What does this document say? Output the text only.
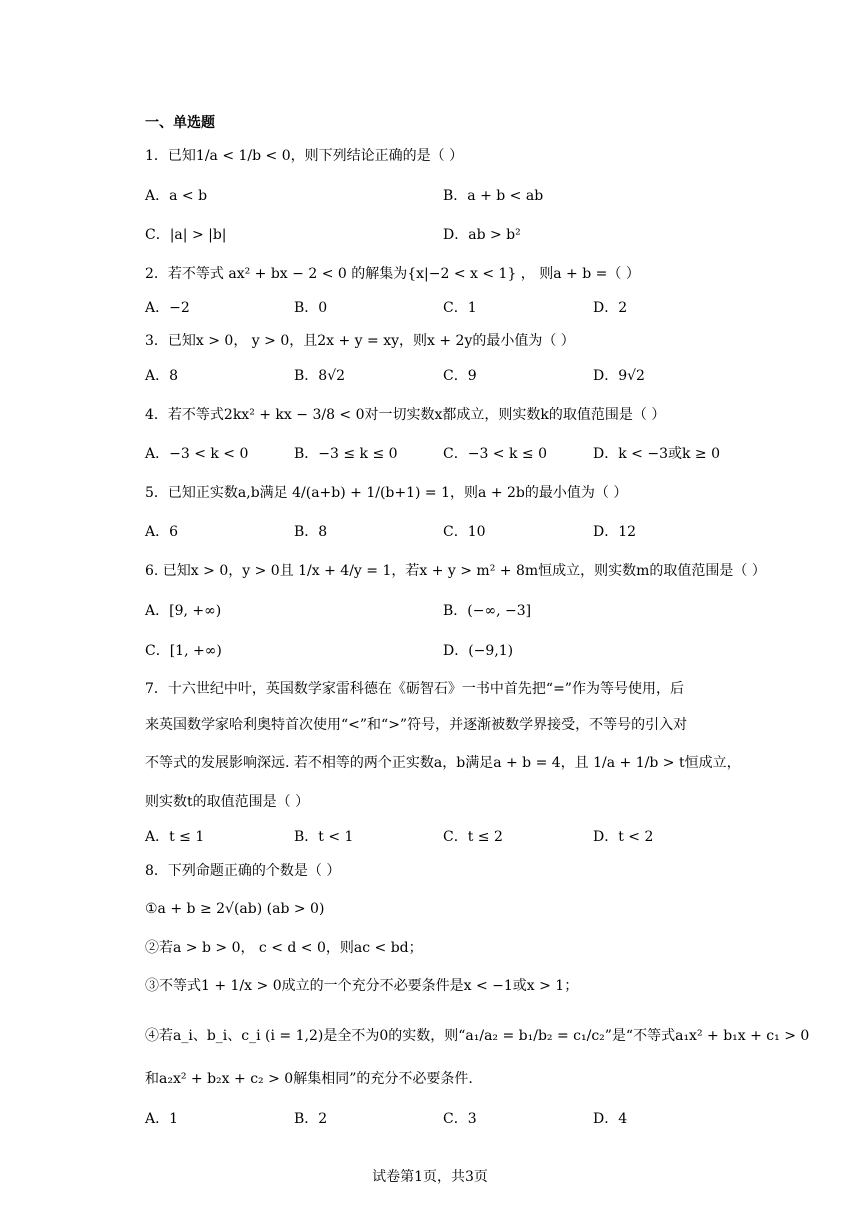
一、单选题
1．已知1/a < 1/b < 0，则下列结论正确的是（ ）
A．a < b	B．a + b < ab
C．|a| > |b|	D．ab > b²
2．若不等式 ax² + bx − 2 < 0 的解集为{x|−2 < x < 1} ， 则a + b =（ ）
A．−2	B．0	C．1	D．2
3．已知x > 0， y > 0，且2x + y = xy，则x + 2y的最小值为（ ）
A．8	B．8√2	C．9	D．9√2
4．若不等式2kx² + kx − 3/8 < 0对一切实数x都成立，则实数k的取值范围是（ ）
A．−3 < k < 0	B．−3 ≤ k ≤ 0	C．−3 < k ≤ 0	D．k < −3或k ≥ 0
5．已知正实数a,b满足 4/(a+b) + 1/(b+1) = 1，则a + 2b的最小值为（ ）
A．6	B．8	C．10	D．12
6. 已知x > 0，y > 0且 1/x + 4/y = 1，若x + y > m² + 8m恒成立，则实数m的取值范围是（ ）
A．[9, +∞)	B．(−∞, −3]
C．[1, +∞)	D．(−9,1)
7．十六世纪中叶，英国数学家雷科德在《砺智石》一书中首先把“=”作为等号使用，后
来英国数学家哈利奥特首次使用“<”和“>”符号，并逐渐被数学界接受，不等号的引入对
不等式的发展影响深远. 若不相等的两个正实数a，b满足a + b = 4，且 1/a + 1/b > t恒成立，
则实数t的取值范围是（ ）
A．t ≤ 1	B．t < 1	C．t ≤ 2	D．t < 2
8．下列命题正确的个数是（ ）
①a + b ≥ 2√(ab) (ab > 0)
②若a > b > 0， c < d < 0，则ac < bd；
③不等式1 + 1/x > 0成立的一个充分不必要条件是x < −1或x > 1；
④若a_i、b_i、c_i (i = 1,2)是全不为0的实数，则“a₁/a₂ = b₁/b₂ = c₁/c₂”是“不等式a₁x² + b₁x + c₁ > 0
和a₂x² + b₂x + c₂ > 0解集相同”的充分不必要条件.
A．1	B．2	C．3	D．4
试卷第1页，共3页
